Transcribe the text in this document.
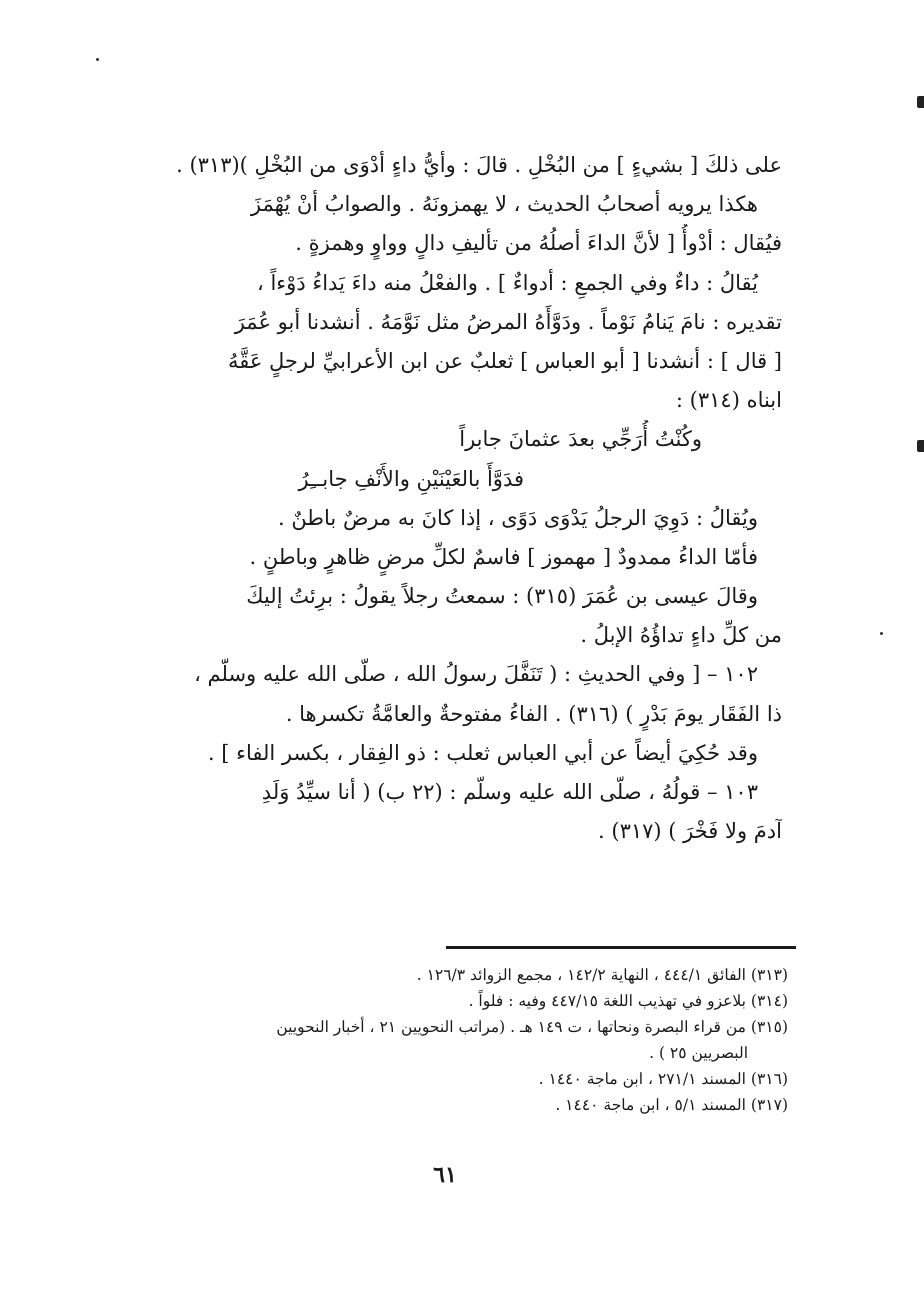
على ذلكَ [ بشيءٍ ] من البُخْلِ . قالَ : وأيُّ داءٍ أدْوَى من البُخْلِ )(٣١٣) .
هكذا يرويه أصحابُ الحديث ، لا يهمزونَهُ . والصوابُ أنْ يُهْمَزَ
فيُقال : أدْوأُ [ لأنَّ الداءَ أصلُهُ من تأليفِ دالٍ وواوٍ وهمزةٍ .
يُقالُ : داءٌ وفي الجمعِ : أدواءٌ ] . والفعْلُ منه داءَ يَداءُ دَوْءاً ،
تقديره : نامَ يَنامُ نَوْماً . ودَوَّأَهُ المرضُ مثل نَوَّمَهُ . أنشدنا أبو عُمَرَ
[ قال ] : أنشدنا [ أبو العباس ] ثعلبٌ عن ابن الأعرابيِّ لرجلٍ عَقَّهُ
ابناه (٣١٤) :
وكُنْتُ أُرَجِّي بعدَ عثمانَ جابراً
فدَوَّأَ بالعَيْنَيْنِ والأَنْفِ جابــِرُ
ويُقالُ : دَوِيَ الرجلُ يَدْوَى دَوًى ، إذا كانَ به مرضٌ باطنٌ .
فأمّا الداءُ ممدودٌ [ مهموز ] فاسمٌ لكلِّ مرضٍ ظاهرٍ وباطنٍ .
وقالَ عيسى بن عُمَرَ (٣١٥) : سمعتُ رجلاً يقولُ : برِئتُ إليكَ
من كلِّ داءٍ تداؤُهُ الإبلُ .
١٠٢ – [ وفي الحديثِ : ( تَنَفَّلَ رسولُ الله ، صلّى الله عليه وسلّم ،
ذا الفَقَار يومَ بَدْرٍ ) (٣١٦) . الفاءُ مفتوحةٌ والعامَّةُ تكسرها .
وقد حُكِيَ أيضاً عن أبي العباس ثعلب : ذو الفِقار ، بكسر الفاء ] .
١٠٣ – قولُهُ ، صلّى الله عليه وسلّم : (٢٢ ب) ( أنا سيِّدُ وَلَدِ
آدمَ ولا فَخْرَ ) (٣١٧) .
(٣١٣) الفائق ٤٤٤/١ ، النهاية ١٤٢/٢ ، مجمع الزوائد ١٢٦/٣ .
(٣١٤) بلاعزو في تهذيب اللغة ٤٤٧/١٥ وفيه : فلواً .
(٣١٥) من قراء البصرة ونحاتها ، ت ١٤٩ هـ . (مراتب النحويين ٢١ ، أخبار النحويين
البصريين ٢٥ ) .
(٣١٦) المسند ٢٧١/١ ، ابن ماجة ١٤٤٠ .
(٣١٧) المسند ٥/١ ، ابن ماجة ١٤٤٠ .
٦١
